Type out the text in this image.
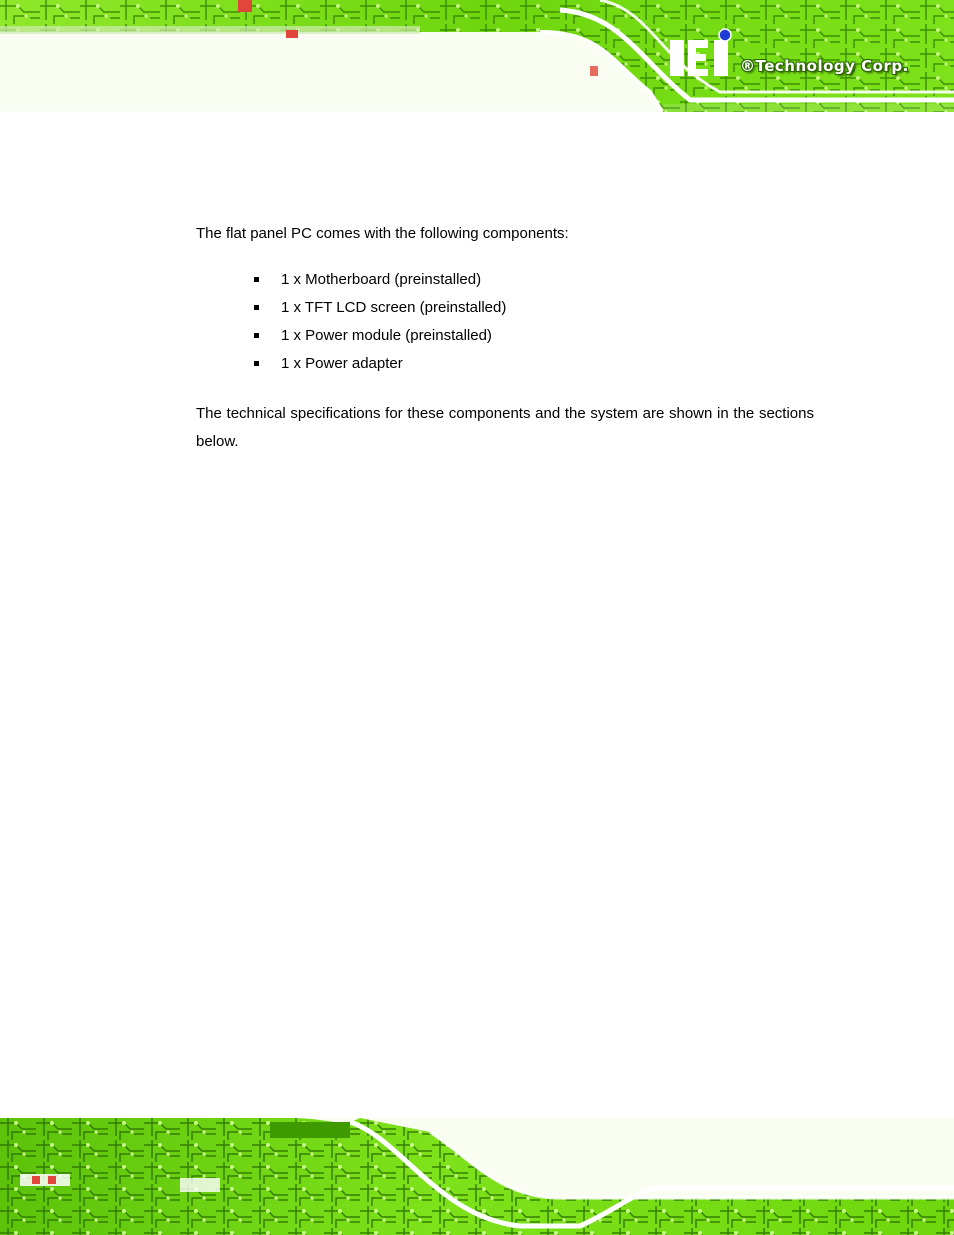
®Technology Corp.

The flat panel PC comes with the following components:

1 x Motherboard (preinstalled)
1 x TFT LCD screen (preinstalled)
1 x Power module (preinstalled)
1 x Power adapter

The technical specifications for these components and the system are shown in the sections below.
